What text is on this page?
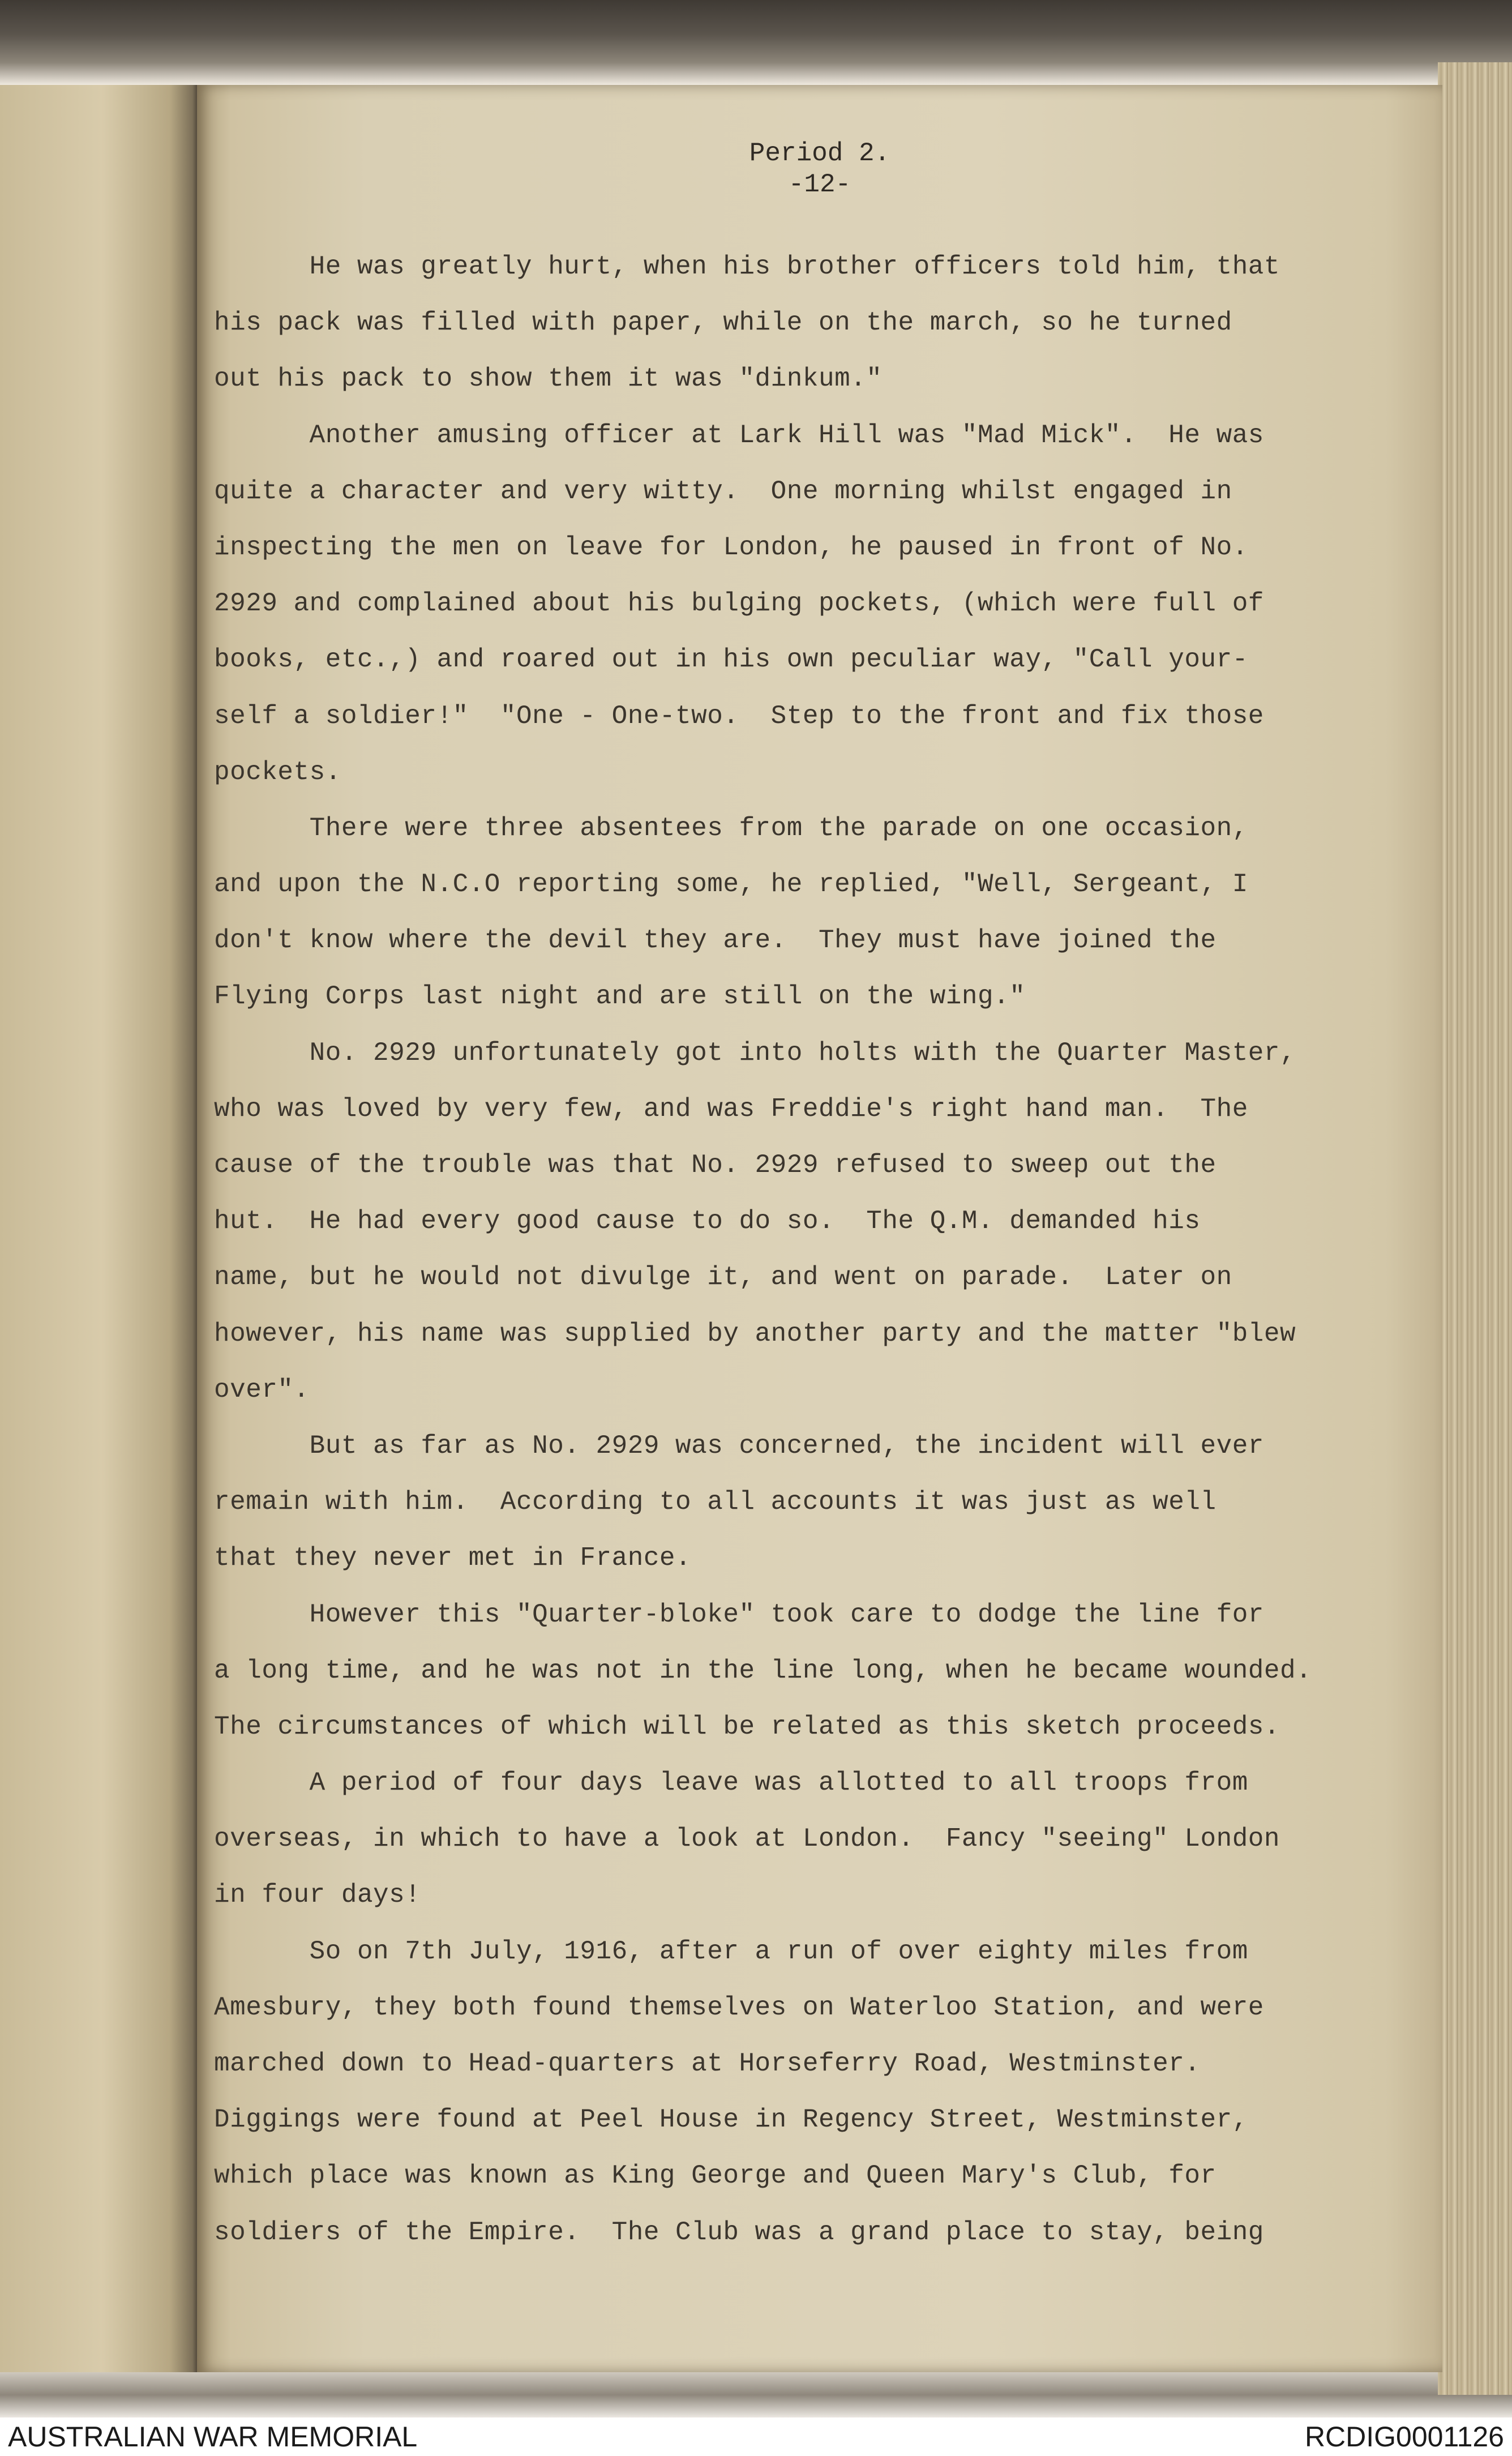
Period 2.
-12-
He was greatly hurt, when his brother officers told him, that
his pack was filled with paper, while on the march, so he turned
out his pack to show them it was "dinkum."
Another amusing officer at Lark Hill was "Mad Mick".  He was
quite a character and very witty.  One morning whilst engaged in
inspecting the men on leave for London, he paused in front of No.
2929 and complained about his bulging pockets, (which were full of
books, etc.,) and roared out in his own peculiar way, "Call your-
self a soldier!"  "One - One-two.  Step to the front and fix those
pockets.
There were three absentees from the parade on one occasion,
and upon the N.C.O reporting some, he replied, "Well, Sergeant, I
don't know where the devil they are.  They must have joined the
Flying Corps last night and are still on the wing."
No. 2929 unfortunately got into holts with the Quarter Master,
who was loved by very few, and was Freddie's right hand man.  The
cause of the trouble was that No. 2929 refused to sweep out the
hut.  He had every good cause to do so.  The Q.M. demanded his
name, but he would not divulge it, and went on parade.  Later on
however, his name was supplied by another party and the matter "blew
over".
But as far as No. 2929 was concerned, the incident will ever
remain with him.  According to all accounts it was just as well
that they never met in France.
However this "Quarter-bloke" took care to dodge the line for
a long time, and he was not in the line long, when he became wounded.
The circumstances of which will be related as this sketch proceeds.
A period of four days leave was allotted to all troops from
overseas, in which to have a look at London.  Fancy "seeing" London
in four days!
So on 7th July, 1916, after a run of over eighty miles from
Amesbury, they both found themselves on Waterloo Station, and were
marched down to Head-quarters at Horseferry Road, Westminster.
Diggings were found at Peel House in Regency Street, Westminster,
which place was known as King George and Queen Mary's Club, for
soldiers of the Empire.  The Club was a grand place to stay, being
AUSTRALIAN WAR MEMORIAL	RCDIG0001126
